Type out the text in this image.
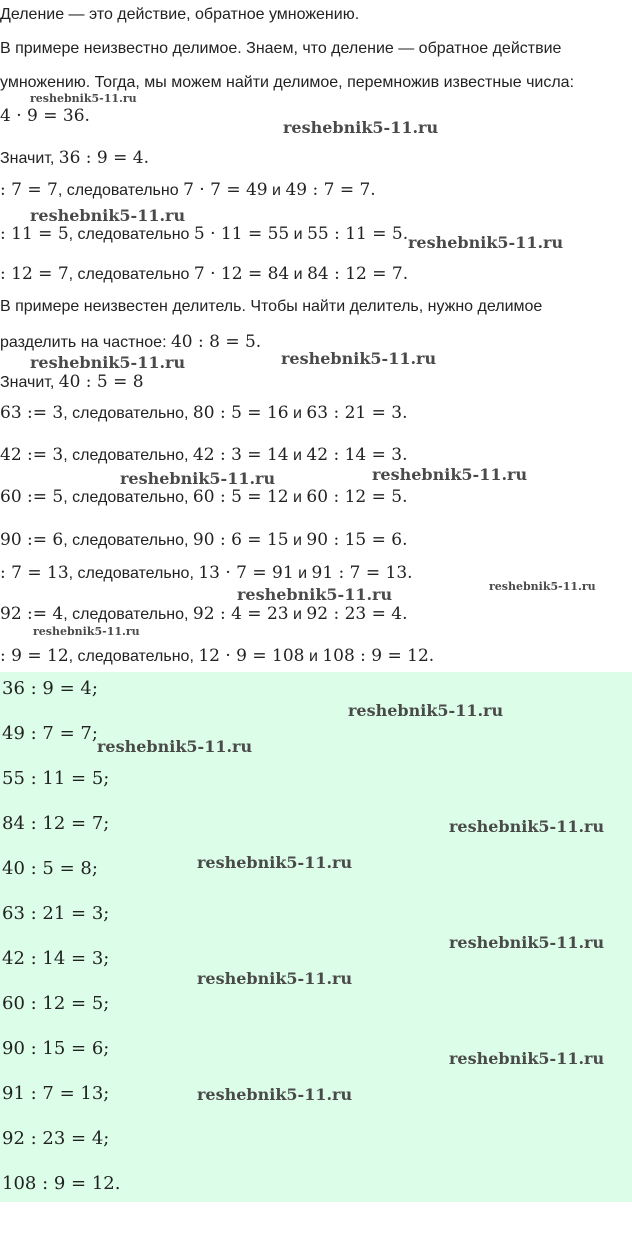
Деление — это действие, обратное умножению.
В примере неизвестно делимое. Знаем, что деление — обратное действие
умножению. Тогда, мы можем найти делимое, перемножив известные числа:
4 · 9 = 36.
Значит, 36 : 9 = 4.
: 7 = 7, следовательно 7 · 7 = 49 и 49 : 7 = 7.
: 11 = 5, следовательно 5 · 11 = 55 и 55 : 11 = 5.
: 12 = 7, следовательно 7 · 12 = 84 и 84 : 12 = 7.
В примере неизвестен делитель. Чтобы найти делитель, нужно делимое
разделить на частное: 40 : 8 = 5.
Значит, 40 : 5 = 8
63 := 3, следовательно, 80 : 5 = 16 и 63 : 21 = 3.
42 := 3, следовательно, 42 : 3 = 14 и 42 : 14 = 3.
60 := 5, следовательно, 60 : 5 = 12 и 60 : 12 = 5.
90 := 6, следовательно, 90 : 6 = 15 и 90 : 15 = 6.
: 7 = 13, следовательно, 13 · 7 = 91 и 91 : 7 = 13.
92 := 4, следовательно, 92 : 4 = 23 и 92 : 23 = 4.
: 9 = 12, следовательно, 12 · 9 = 108 и 108 : 9 = 12.
36 : 9 = 4;
49 : 7 = 7;
55 : 11 = 5;
84 : 12 = 7;
40 : 5 = 8;
63 : 21 = 3;
42 : 14 = 3;
60 : 12 = 5;
90 : 15 = 6;
91 : 7 = 13;
92 : 23 = 4;
108 : 9 = 12.
reshebnik5-11.ru
reshebnik5-11.ru
reshebnik5-11.ru
reshebnik5-11.ru
reshebnik5-11.ru	reshebnik5-11.ru
reshebnik5-11.ru	reshebnik5-11.ru
reshebnik5-11.ru
reshebnik5-11.ru
reshebnik5-11.ru
reshebnik5-11.ru
reshebnik5-11.ru
reshebnik5-11.ru
reshebnik5-11.ru
reshebnik5-11.ru
reshebnik5-11.ru
reshebnik5-11.ru
reshebnik5-11.ru
